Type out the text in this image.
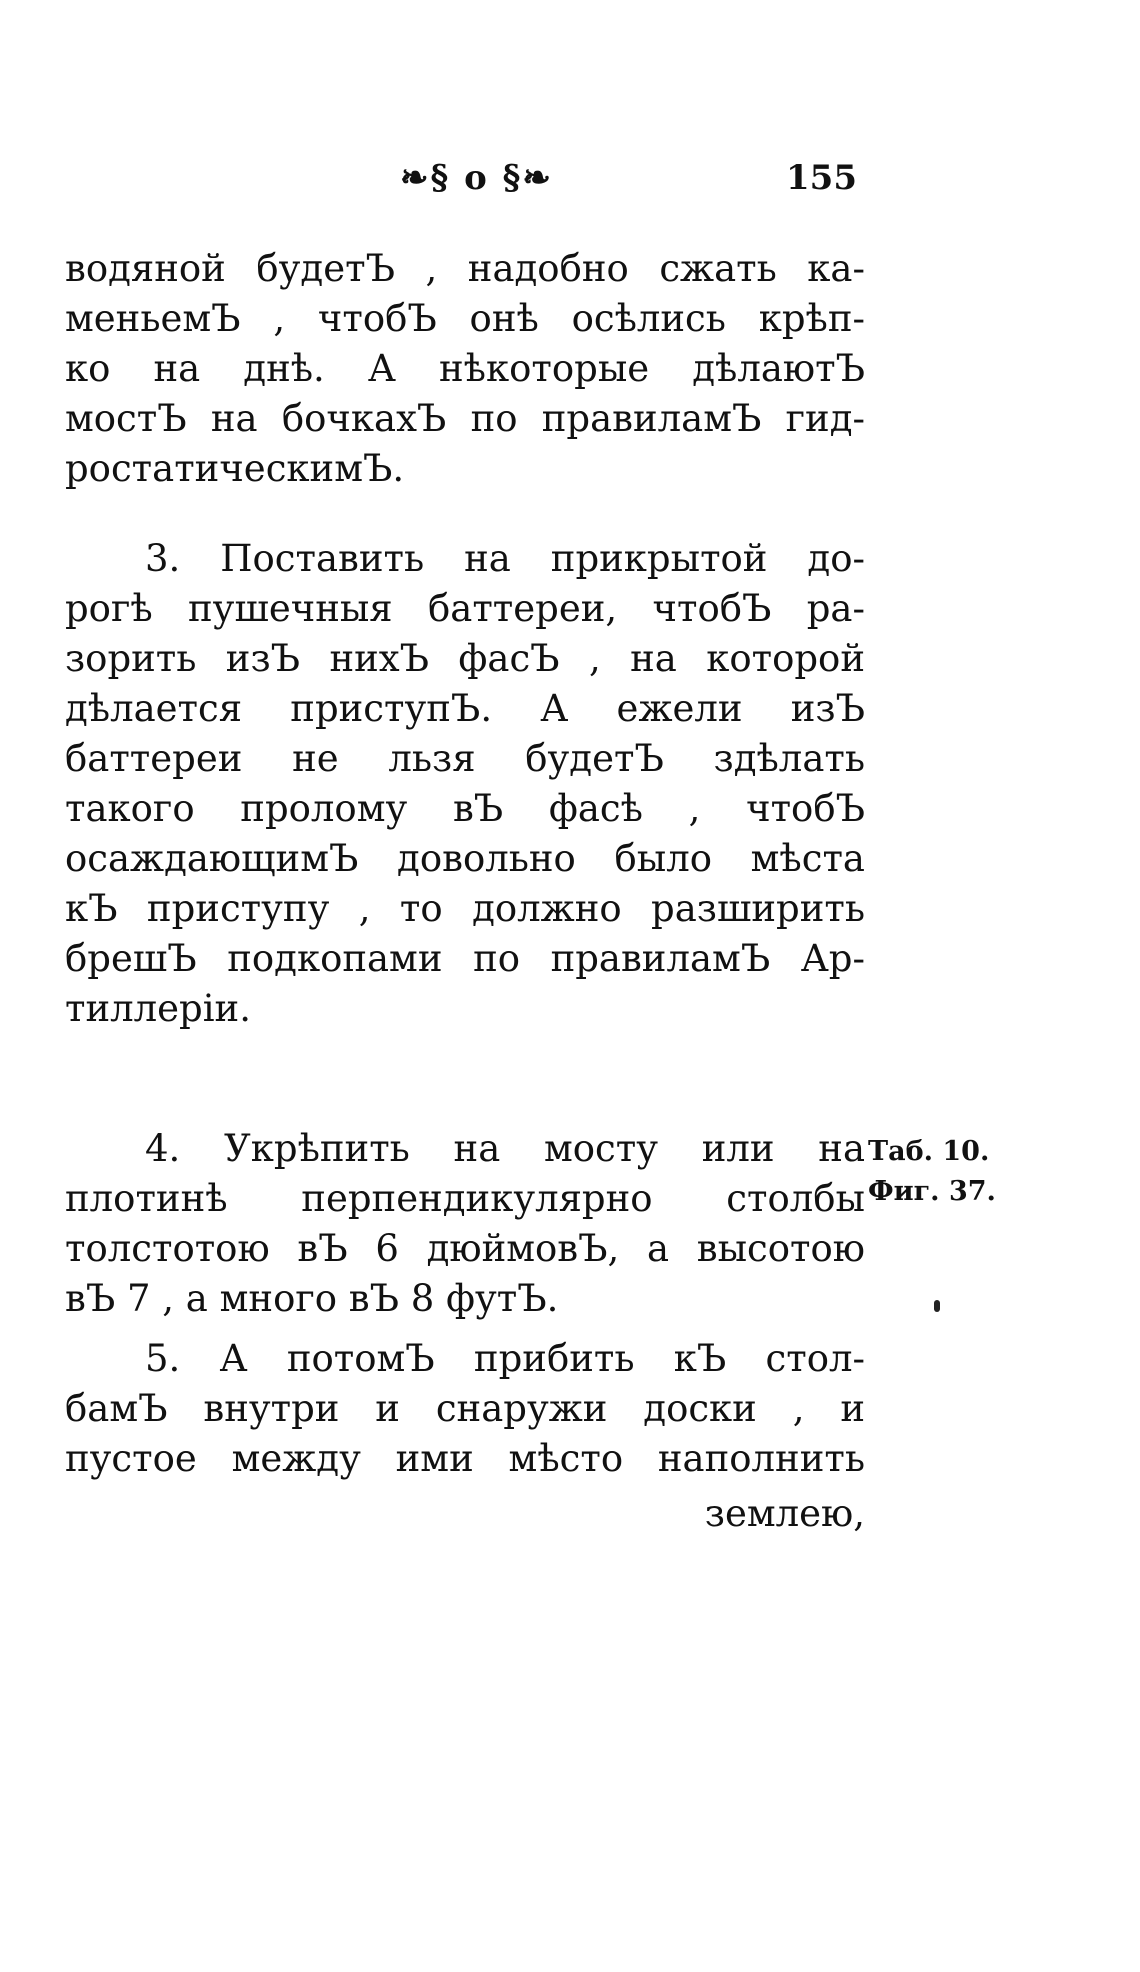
❧§ o §❧	155
водяной будетЪ , надобно сжать ка-
меньемЪ , чтобЪ онѣ осѣлись крѣп-
ко на днѣ. А нѣкоторые дѣлаютЪ
мостЪ на бочкахЪ по правиламЪ гид-
ростатическимЪ.
3. Поставить на прикрытой до-
рогѣ пушечныя баттереи, чтобЪ ра-
зорить изЪ нихЪ фасЪ , на которой
дѣлается приступЪ. А ежели изЪ
баттереи не льзя будетЪ здѣлать
такого пролому вЪ фасѣ , чтобЪ
осаждающимЪ довольно было мѣста
кЪ приступу , то должно разширить
брешЪ подкопами по правиламЪ Ар-
тиллерiи.
4. Укрѣпить на мосту или на
плотинѣ перпендикулярно столбы
толстотою вЪ 6 дюймовЪ, а высотою
вЪ 7 , а много вЪ 8 футЪ.
Таб. 10.
Фиг. 37.
5. А потомЪ прибить кЪ стол-
бамЪ внутри и снаружи доски , и
пустое между ими мѣсто наполнить
землею,
